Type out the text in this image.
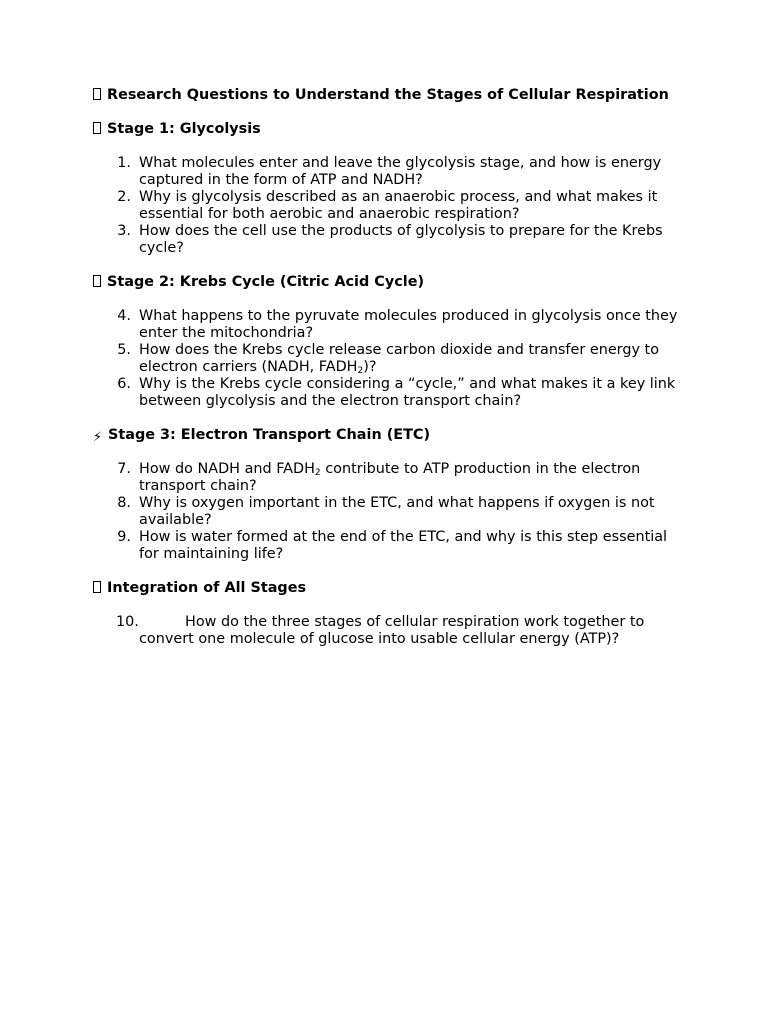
Research Questions to Understand the Stages of Cellular Respiration

Stage 1: Glycolysis

1. What molecules enter and leave the glycolysis stage, and how is energy captured in the form of ATP and NADH?
2. Why is glycolysis described as an anaerobic process, and what makes it essential for both aerobic and anaerobic respiration?
3. How does the cell use the products of glycolysis to prepare for the Krebs cycle?

Stage 2: Krebs Cycle (Citric Acid Cycle)

4. What happens to the pyruvate molecules produced in glycolysis once they enter the mitochondria?
5. How does the Krebs cycle release carbon dioxide and transfer energy to electron carriers (NADH, $FADH_2$)?
6. Why is the Krebs cycle considering a “cycle,” and what makes it a key link between glycolysis and the electron transport chain?

⚡ Stage 3: Electron Transport Chain (ETC)

7. How do NADH and $FADH_2$ contribute to ATP production in the electron transport chain?
8. Why is oxygen important in the ETC, and what happens if oxygen is not available?
9. How is water formed at the end of the ETC, and why is this step essential for maintaining life?

Integration of All Stages

10.	How do the three stages of cellular respiration work together to convert one molecule of glucose into usable cellular energy (ATP)?
